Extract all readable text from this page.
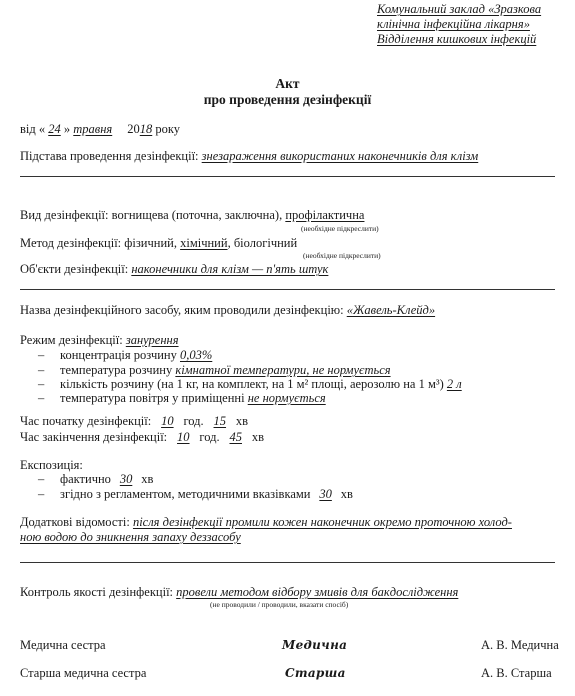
Комунальний заклад «Зразкова
клінічна інфекційна лікарня»
Відділення кишкових інфекцій
Акт
про проведення дезінфекції
від « 24 » травня 2018 року
Підстава проведення дезінфекції: знезараження використаних наконечників для клізм
Вид дезінфекції: вогнищева (поточна, заключна), профілактична
(необхідне підкреслити)
Метод дезінфекції: фізичний, хімічний, біологічний
(необхідне підкреслити)
Об'єкти дезінфекції: наконечники для клізм — п'ять штук
Назва дезінфекційного засобу, яким проводили дезінфекцію: «Жавель-Клейд»
Режим дезінфекції: занурення
– концентрація розчину 0,03%
– температура розчину кімнатної температури, не нормується
– кількість розчину (на 1 кг, на комплект, на 1 м² площі, аерозолю на 1 м³) 2 л
– температура повітря у приміщенні не нормується
Час початку дезінфекції: 10 год. 15 хв
Час закінчення дезінфекції: 10 год. 45 хв
Експозиція:
– фактично 30 хв
– згідно з регламентом, методичними вказівками 30 хв
Додаткові відомості: після дезінфекції промили кожен наконечник окремо проточною холод-
ною водою до зникнення запаху деззасобу
Контроль якості дезінфекції: провели методом відбору змивів для бакдослідження
(не проводили / проводили, вказати спосіб)
Медична сестра	Медична	А. В. Медична
Старша медична сестра	Старша	А. В. Старша
